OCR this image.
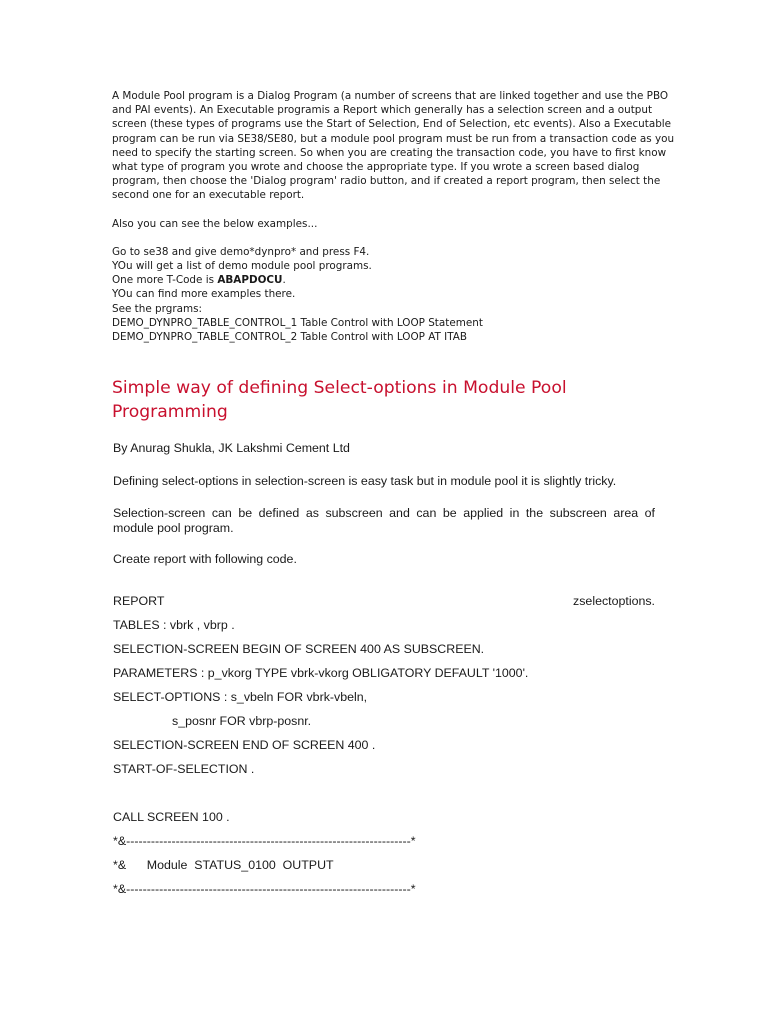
A Module Pool program is a Dialog Program (a number of screens that are linked together and use the PBO

and PAI events). An Executable programis a Report which generally has a selection screen and a output

screen (these types of programs use the Start of Selection, End of Selection, etc events). Also a Executable

program can be run via SE38/SE80, but a module pool program must be run from a transaction code as you

need to specify the starting screen. So when you are creating the transaction code, you have to first know

what type of program you wrote and choose the appropriate type. If you wrote a screen based dialog

program, then choose the 'Dialog program' radio button, and if created a report program, then select the

second one for an executable report.

Also you can see the below examples...

Go to se38 and give demo*dynpro* and press F4.

YOu will get a list of demo module pool programs.

One more T-Code is ABAPDOCU.

YOu can find more examples there.

See the prgrams:

DEMO_DYNPRO_TABLE_CONTROL_1 Table Control with LOOP Statement

DEMO_DYNPRO_TABLE_CONTROL_2 Table Control with LOOP AT ITAB

Simple way of defining Select-options in Module Pool Programming
By Anurag Shukla, JK Lakshmi Cement Ltd
Defining select-options in selection-screen is easy task but in module pool it is slightly tricky.
Selection-screen can be defined as subscreen and can be applied in the subscreen area of module pool program.
Create report with following code.
REPORT	zselectoptions.
TABLES : vbrk , vbrp .
SELECTION-SCREEN BEGIN OF SCREEN 400 AS SUBSCREEN.
PARAMETERS : p_vkorg TYPE vbrk-vkorg OBLIGATORY DEFAULT '1000'.
SELECT-OPTIONS : s_vbeln FOR vbrk-vbeln,
s_posnr FOR vbrp-posnr.
SELECTION-SCREEN END OF SCREEN 400 .
START-OF-SELECTION .
CALL SCREEN 100 .
*&---------------------------------------------------------------------*
*&      Module  STATUS_0100  OUTPUT
*&---------------------------------------------------------------------*
